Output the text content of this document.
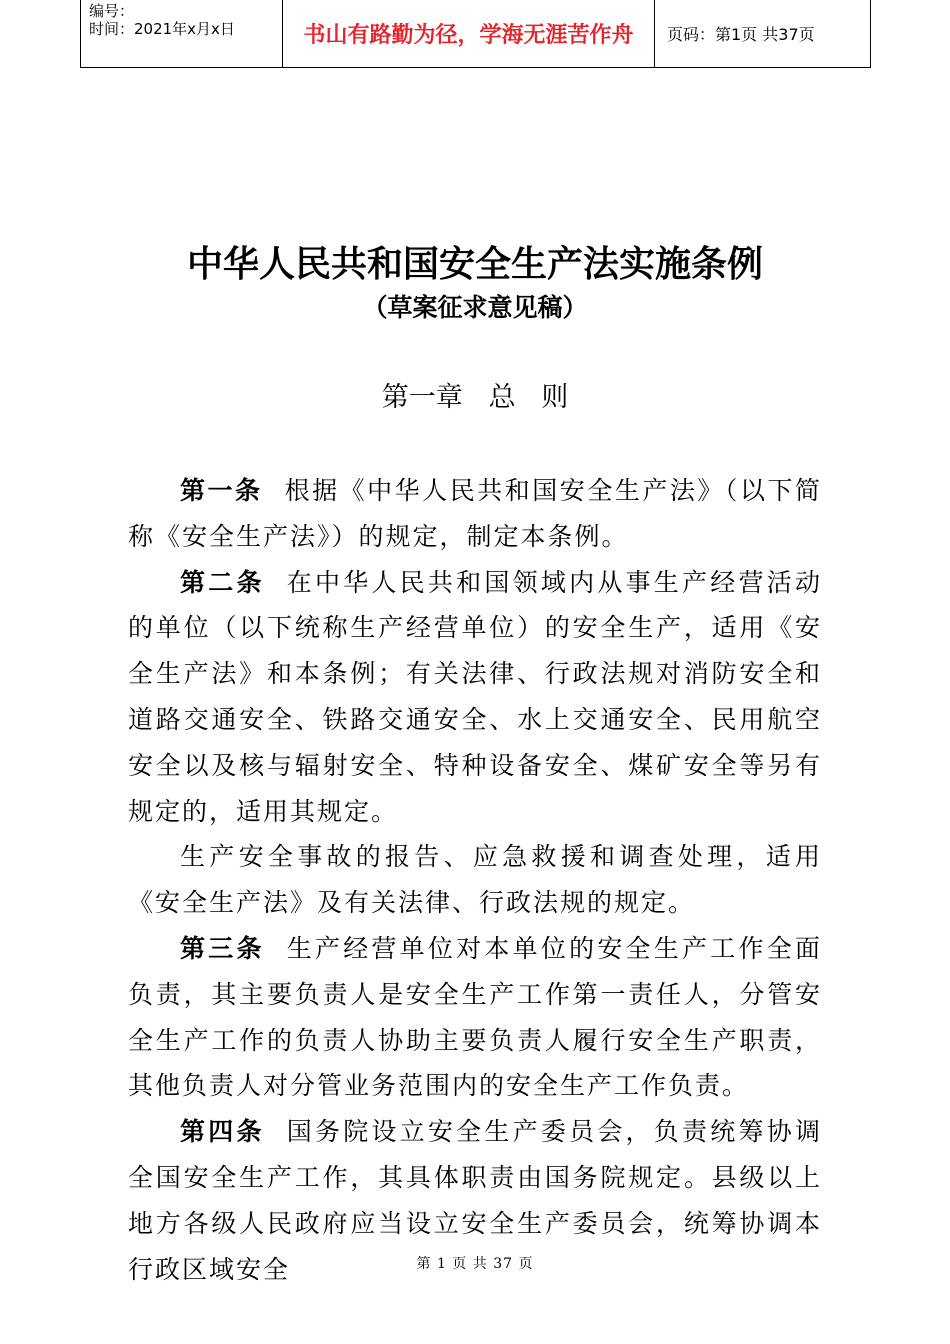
编号：
时间：2021年x月x日	书山有路勤为径，学海无涯苦作舟	页码：第1页 共37页
中华人民共和国安全生产法实施条例
（草案征求意见稿）
第一章   总   则

第一条 根据《中华人民共和国安全生产法》（以下简称《安全生产法》）的规定，制定本条例。

第二条 在中华人民共和国领域内从事生产经营活动的单位（以下统称生产经营单位）的安全生产，适用《安全生产法》和本条例；有关法律、行政法规对消防安全和道路交通安全、铁路交通安全、水上交通安全、民用航空安全以及核与辐射安全、特种设备安全、煤矿安全等另有规定的，适用其规定。

生产安全事故的报告、应急救援和调查处理，适用《安全生产法》及有关法律、行政法规的规定。

第三条 生产经营单位对本单位的安全生产工作全面负责，其主要负责人是安全生产工作第一责任人，分管安全生产工作的负责人协助主要负责人履行安全生产职责，其他负责人对分管业务范围内的安全生产工作负责。

第四条 国务院设立安全生产委员会，负责统筹协调全国安全生产工作，其具体职责由国务院规定。县级以上地方各级人民政府应当设立安全生产委员会，统筹协调本行政区域安全	第 1 页 共 37 页
